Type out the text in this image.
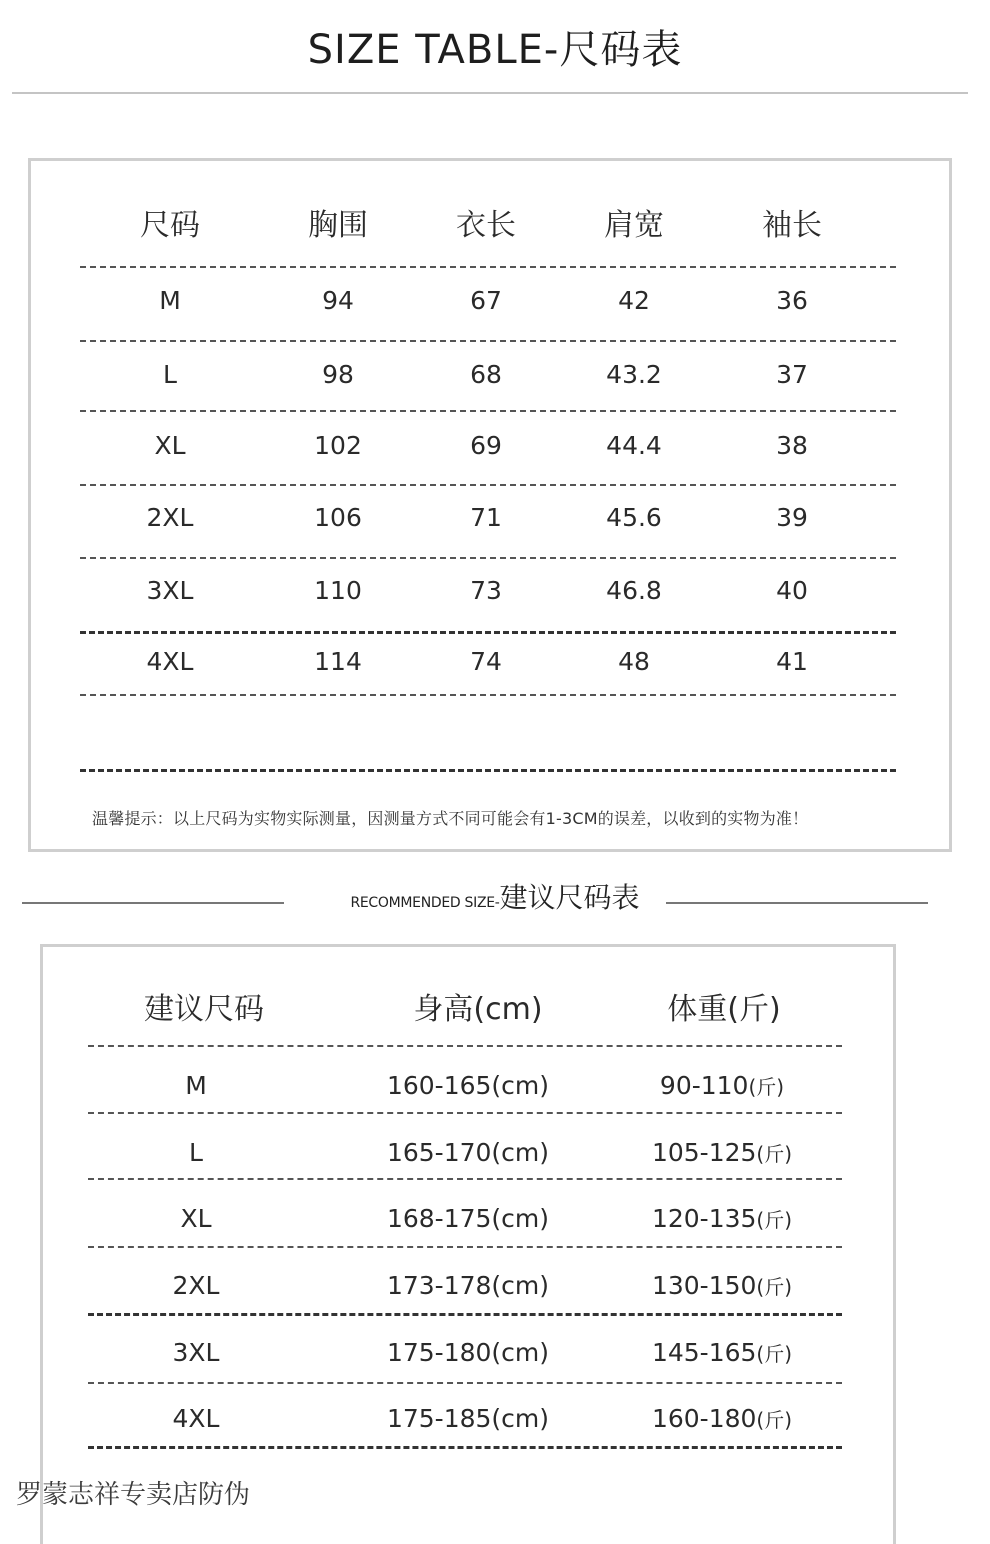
SIZE TABLE-尺码表
尺码	胸围	衣长	肩宽	袖长
M	94	67	42	36
L	98	68	43.2	37
XL	102	69	44.4	38
2XL	106	71	45.6	39
3XL	110	73	46.8	40
4XL	114	74	48	41
温馨提示：以上尺码为实物实际测量，因测量方式不同可能会有1-3CM的误差，以收到的实物为准！
RECOMMENDED SIZE-建议尺码表
建议尺码	身高(cm)	体重(斤)
M	160-165(cm)	90-110(斤)
L	165-170(cm)	105-125(斤)
XL	168-175(cm)	120-135(斤)
2XL	173-178(cm)	130-150(斤)
3XL	175-180(cm)	145-165(斤)
4XL	175-185(cm)	160-180(斤)
罗蒙志祥专卖店防伪
